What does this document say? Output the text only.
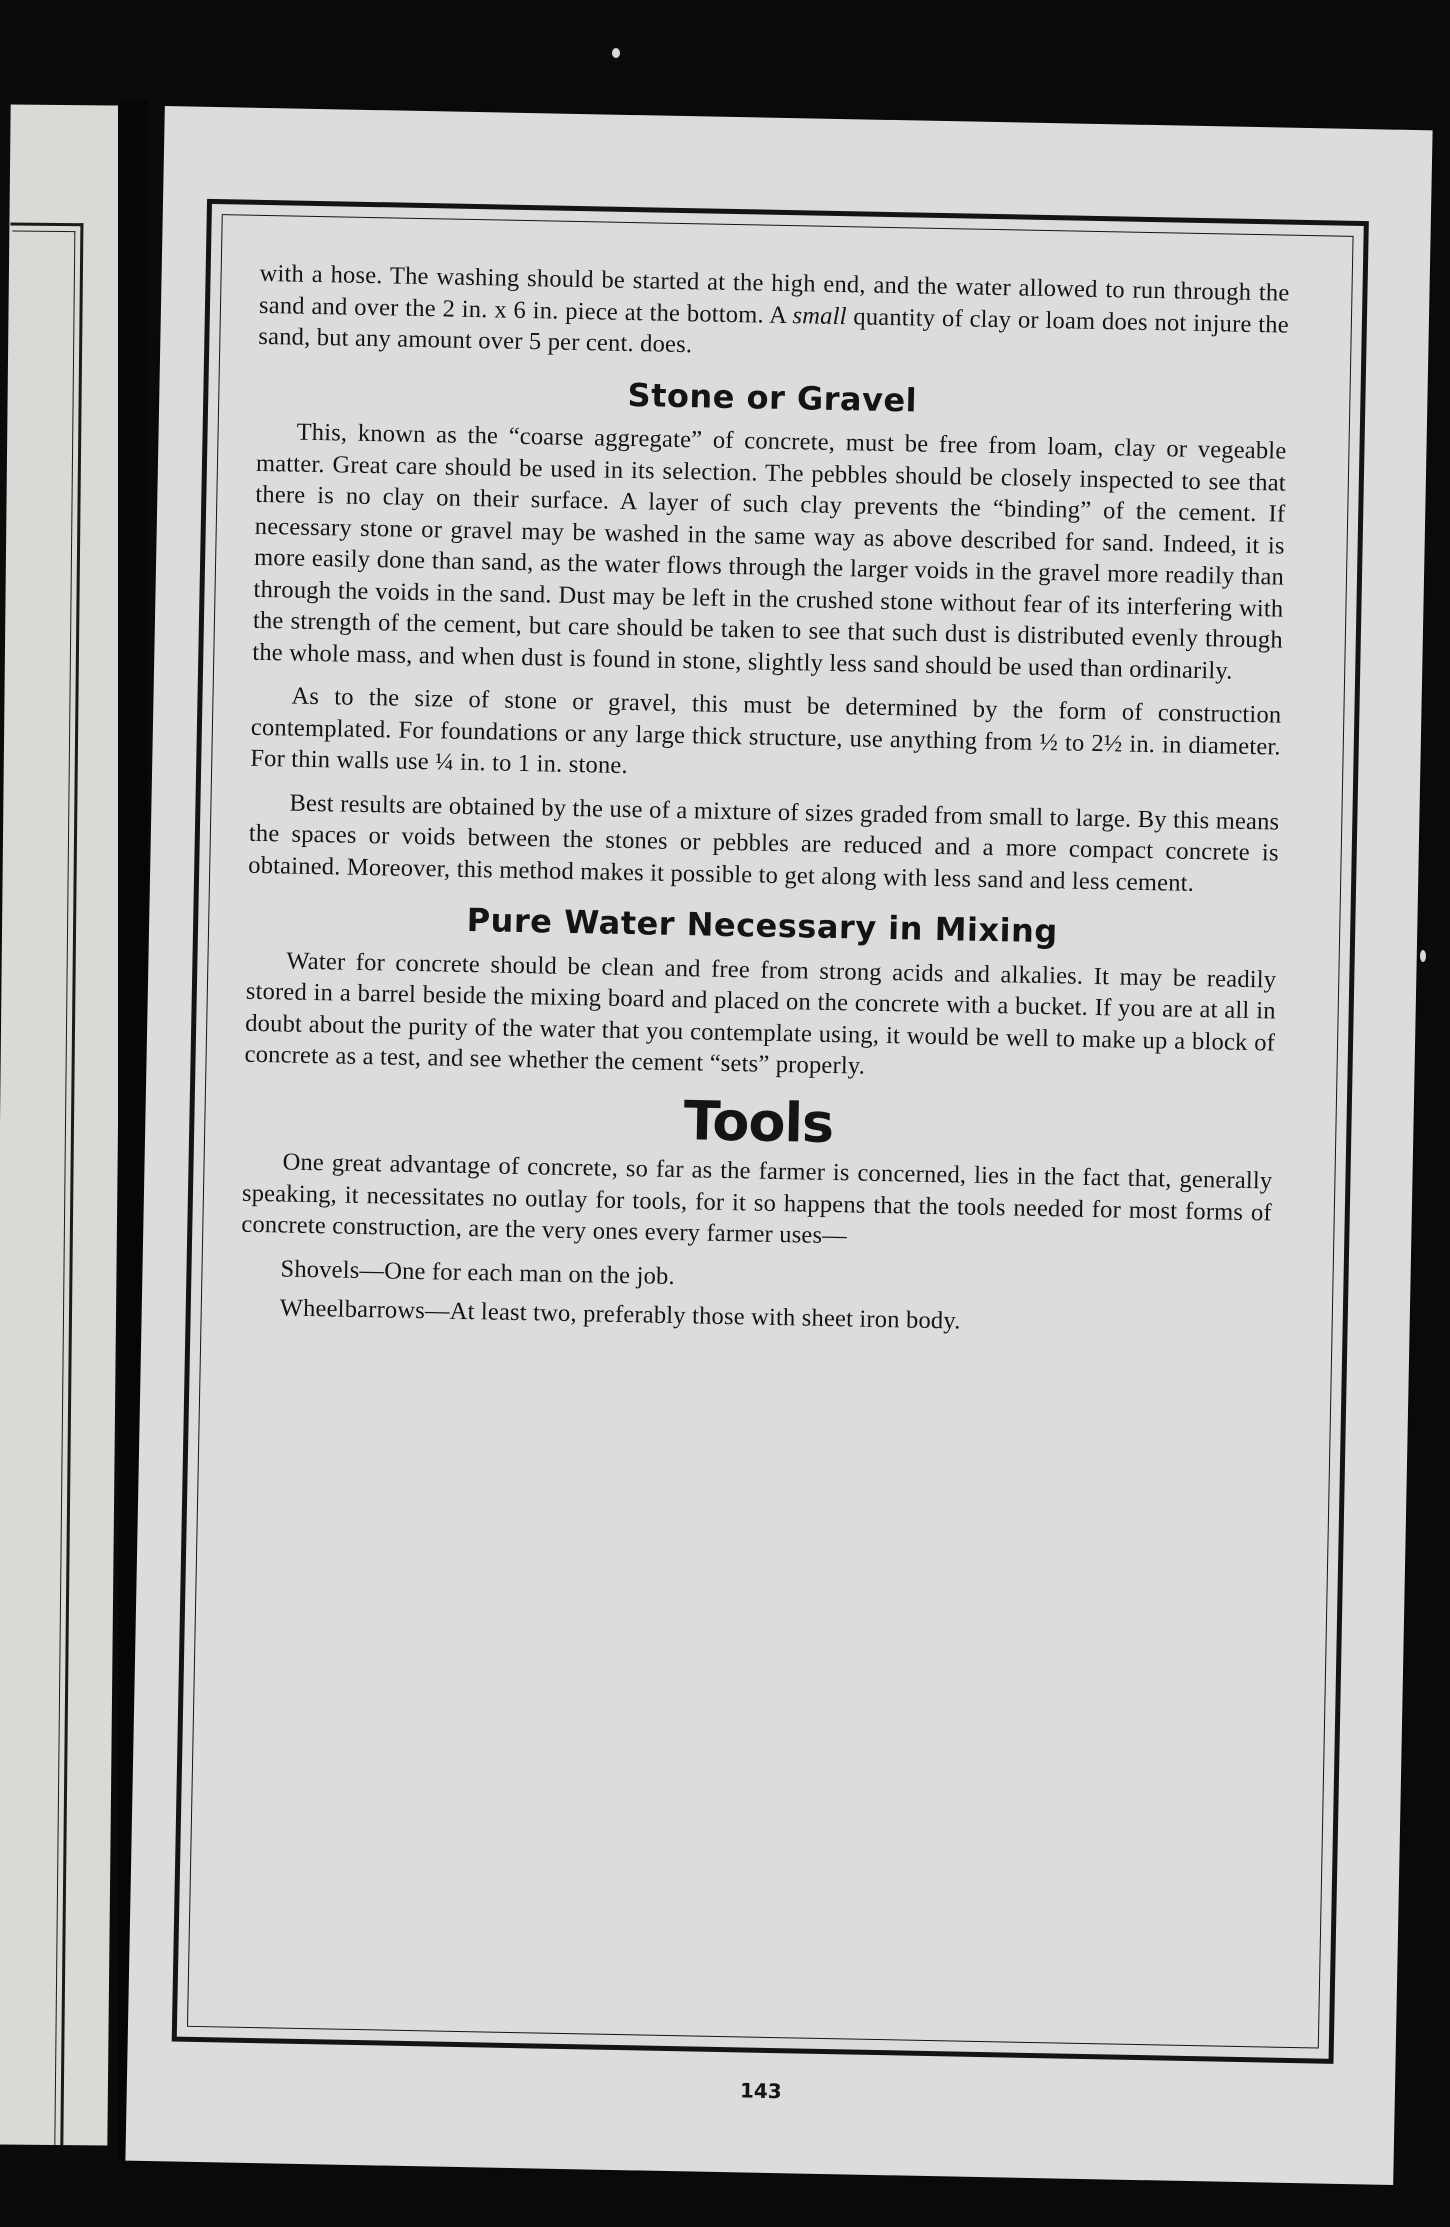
with a hose. The washing should be started at the high end, and the water allowed to run through the sand and over the 2 in. x 6 in. piece at the bottom. A small quantity of clay or loam does not injure the sand, but any amount over 5 per cent. does.

Stone or Gravel

This, known as the “coarse aggregate” of concrete, must be free from loam, clay or vegeable matter. Great care should be used in its selection. The pebbles should be closely inspected to see that there is no clay on their surface. A layer of such clay prevents the “binding” of the cement. If necessary stone or gravel may be washed in the same way as above described for sand. Indeed, it is more easily done than sand, as the water flows through the larger voids in the gravel more readily than through the voids in the sand. Dust may be left in the crushed stone without fear of its interfering with the strength of the cement, but care should be taken to see that such dust is distributed evenly through the whole mass, and when dust is found in stone, slightly less sand should be used than ordinarily.

As to the size of stone or gravel, this must be determined by the form of construction contemplated. For foundations or any large thick structure, use anything from ½ to 2½ in. in diameter. For thin walls use ¼ in. to 1 in. stone.

Best results are obtained by the use of a mixture of sizes graded from small to large. By this means the spaces or voids between the stones or pebbles are reduced and a more compact concrete is obtained. Moreover, this method makes it possible to get along with less sand and less cement.

Pure Water Necessary in Mixing

Water for concrete should be clean and free from strong acids and alkalies. It may be readily stored in a barrel beside the mixing board and placed on the concrete with a bucket. If you are at all in doubt about the purity of the water that you contemplate using, it would be well to make up a block of concrete as a test, and see whether the cement “sets” properly.

Tools

One great advantage of concrete, so far as the farmer is concerned, lies in the fact that, generally speaking, it necessitates no outlay for tools, for it so happens that the tools needed for most forms of concrete construction, are the very ones every farmer uses—

Shovels—One for each man on the job.

Wheelbarrows—At least two, preferably those with sheet iron body.

143
